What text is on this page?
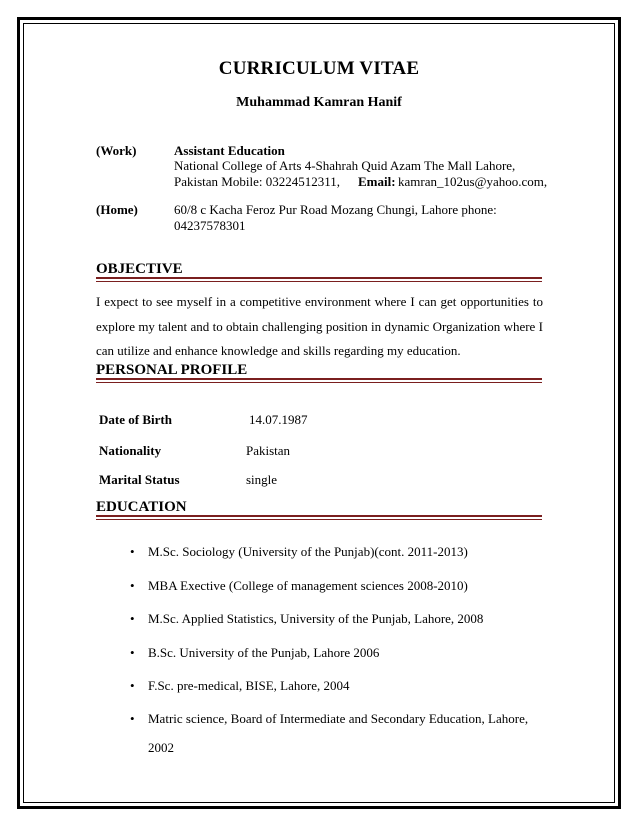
CURRICULUM VITAE
Muhammad Kamran Hanif
(Work)	Assistant Education
National College of Arts 4-Shahrah Quid Azam The Mall Lahore,
Pakistan Mobile: 03224512311, Email: kamran_102us@yahoo.com,
(Home)	60/8 c Kacha Feroz Pur Road Mozang Chungi, Lahore phone:
04237578301
OBJECTIVE

I expect to see myself in a competitive environment where I can get opportunities to explore my talent and to obtain challenging position in dynamic Organization where I can utilize and enhance knowledge and skills regarding my education.

PERSONAL PROFILE
Date of Birth	14.07.1987
Nationality	Pakistan
Marital Status	single
EDUCATION
• M.Sc. Sociology (University of the Punjab)(cont. 2011-2013)
• MBA Exective (College of management sciences 2008-2010)
• M.Sc. Applied Statistics, University of the Punjab, Lahore, 2008
• B.Sc. University of the Punjab, Lahore 2006
• F.Sc. pre-medical, BISE, Lahore, 2004
• Matric science, Board of Intermediate and Secondary Education, Lahore,
2002
